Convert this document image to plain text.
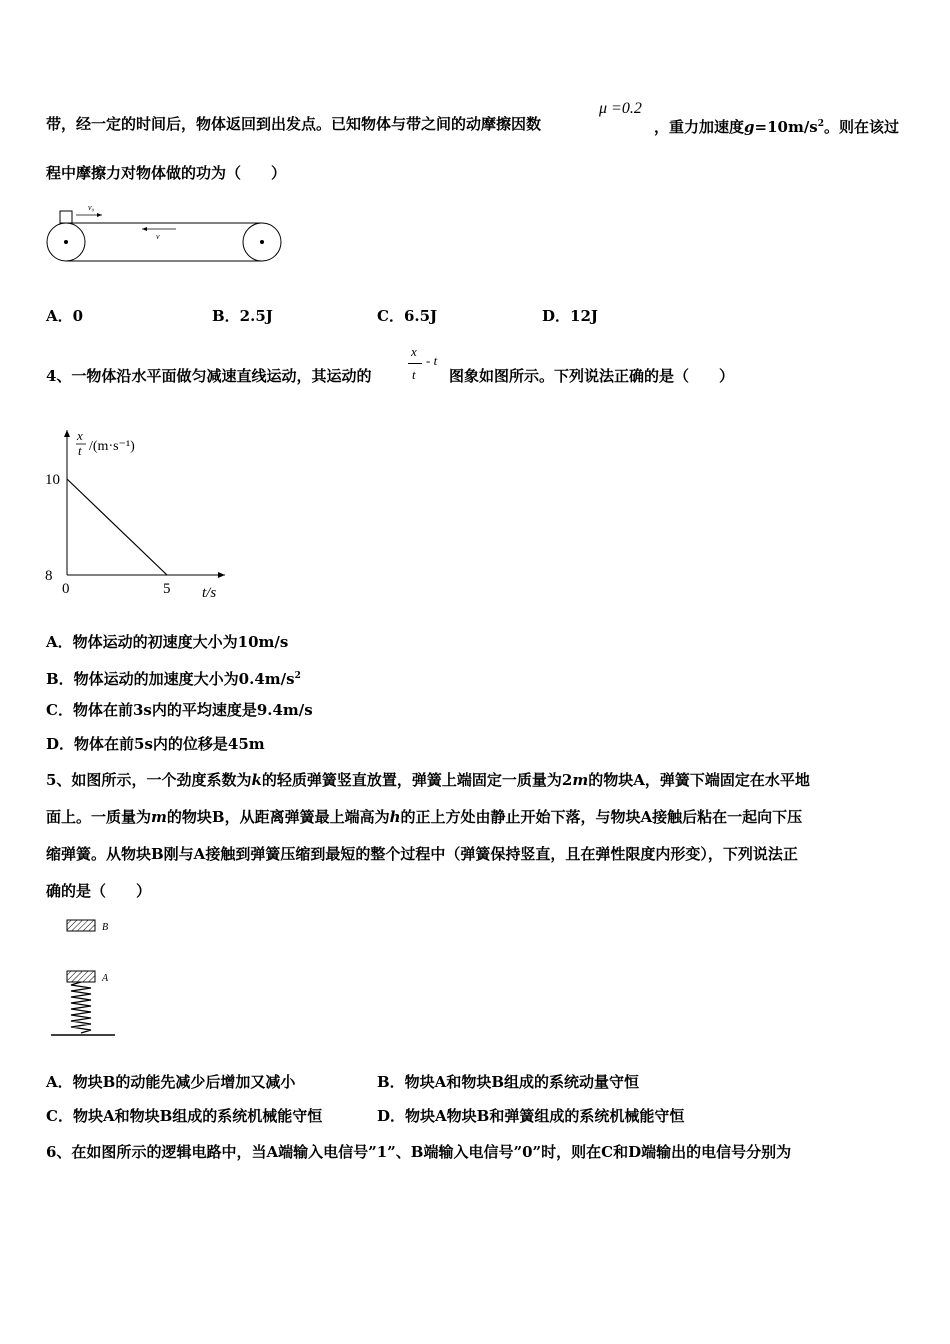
带，经一定的时间后，物体返回到出发点。已知物体与带之间的动摩擦因数
μ =0.2
，重力加速度$g=10m/s^2$。则在该过
程中摩擦力对物体做的功为（　　）
v₀
v
A．0	B．2.5J	C．6.5J	D．12J
4、一物体沿水平面做匀减速直线运动，其运动的
x
t
- t
图象如图所示。下列说法正确的是（　　）
x
t /(m·s⁻¹)
t/s
10
8
0	5
A．物体运动的初速度大小为10m/s
B．物体运动的加速度大小为$0.4m/s^2$
C．物体在前3s内的平均速度是9.4m/s
D．物体在前5s内的位移是45m
5、如图所示，一个劲度系数为k的轻质弹簧竖直放置，弹簧上端固定一质量为2m的物块A，弹簧下端固定在水平地
面上。一质量为m的物块B，从距离弹簧最上端高为h的正上方处由静止开始下落，与物块A接触后粘在一起向下压
缩弹簧。从物块B刚与A接触到弹簧压缩到最短的整个过程中（弹簧保持竖直，且在弹性限度内形变），下列说法正
确的是（　　）
B
A
A．物块B的动能先减少后增加又减小	B．物块A和物块B组成的系统动量守恒
C．物块A和物块B组成的系统机械能守恒	D．物块A物块B和弹簧组成的系统机械能守恒
6、在如图所示的逻辑电路中，当A端输入电信号”1”、B端输入电信号”0”时，则在C和D端输出的电信号分别为
